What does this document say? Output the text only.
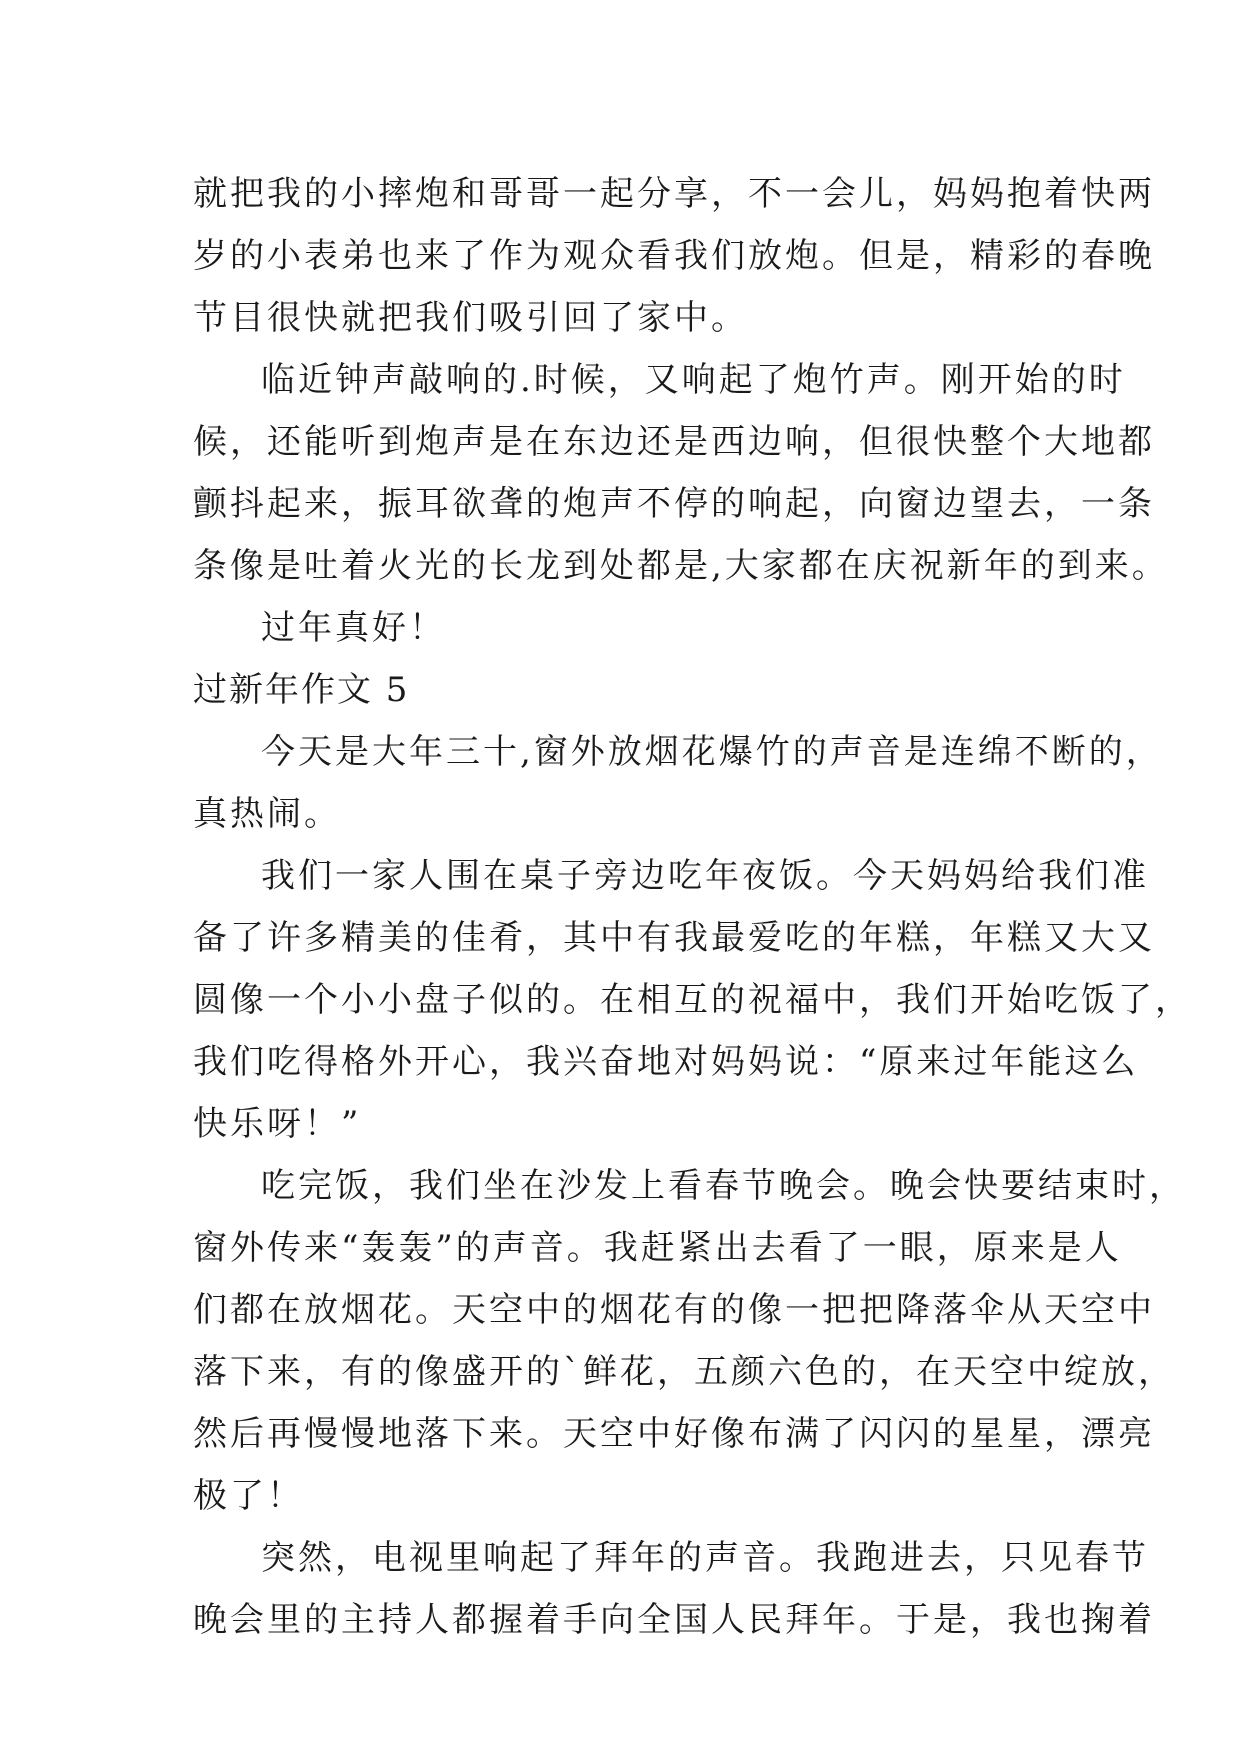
就把我的小摔炮和哥哥一起分享，不一会儿，妈妈抱着快两
岁的小表弟也来了作为观众看我们放炮。但是，精彩的春晚
节目很快就把我们吸引回了家中。
临近钟声敲响的.时候，又响起了炮竹声。刚开始的时
候，还能听到炮声是在东边还是西边响，但很快整个大地都
颤抖起来，振耳欲聋的炮声不停的响起，向窗边望去，一条
条像是吐着火光的长龙到处都是,大家都在庆祝新年的到来。
过年真好！
过新年作文 5
今天是大年三十,窗外放烟花爆竹的声音是连绵不断的，
真热闹。
我们一家人围在桌子旁边吃年夜饭。今天妈妈给我们准
备了许多精美的佳肴，其中有我最爱吃的年糕，年糕又大又
圆像一个小小盘子似的。在相互的祝福中，我们开始吃饭了，
我们吃得格外开心，我兴奋地对妈妈说：“原来过年能这么
快乐呀！”
吃完饭，我们坐在沙发上看春节晚会。晚会快要结束时，
窗外传来“轰轰”的声音。我赶紧出去看了一眼，原来是人
们都在放烟花。天空中的烟花有的像一把把降落伞从天空中
落下来，有的像盛开的`鲜花，五颜六色的，在天空中绽放，
然后再慢慢地落下来。天空中好像布满了闪闪的星星，漂亮
极了！
突然，电视里响起了拜年的声音。我跑进去，只见春节
晚会里的主持人都握着手向全国人民拜年。于是，我也掬着
